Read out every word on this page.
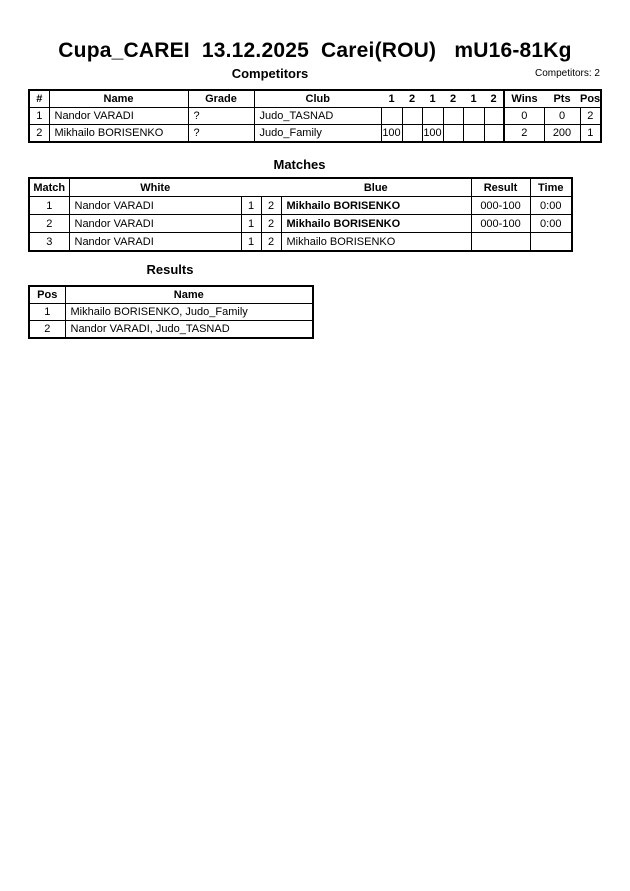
Cupa_CAREI  13.12.2025  Carei(ROU)   mU16-81Kg
Competitors	Competitors: 2
#	Name	Grade	Club	1	2	1	2	1	2	Wins	Pts	Pos
1	Nandor VARADI	?	Judo_TASNAD							0	0	2
2	Mikhailo BORISENKO	?	Judo_Family	100		100				2	200	1
Matches
Match	White			Blue	Result	Time
1	Nandor VARADI	1	2	Mikhailo BORISENKO	000-100	0:00
2	Nandor VARADI	1	2	Mikhailo BORISENKO	000-100	0:00
3	Nandor VARADI	1	2	Mikhailo BORISENKO		
Results
Pos	Name
1	Mikhailo BORISENKO, Judo_Family
2	Nandor VARADI, Judo_TASNAD
